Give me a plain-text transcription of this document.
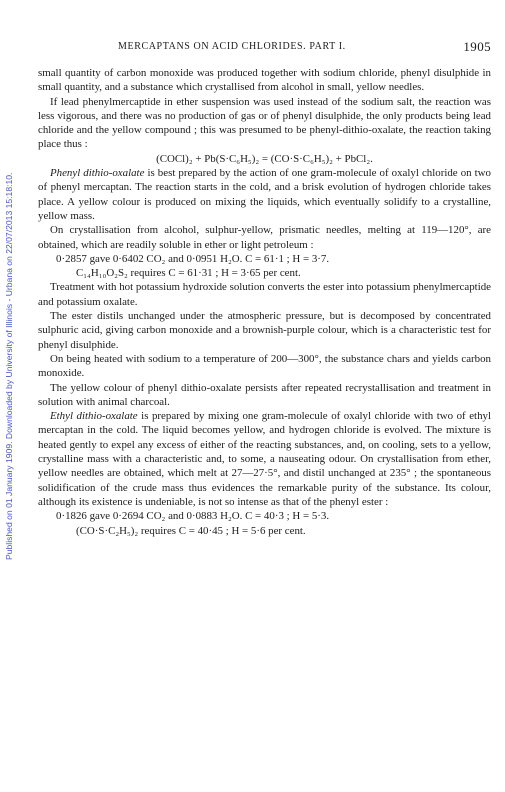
Published on 01 January 1909. Downloaded by University of Illinois - Urbana on 22/07/2013 15:18:10.
MERCAPTANS ON ACID CHLORIDES. PART I.	1905

small quantity of carbon monoxide was produced together with sodium chloride, phenyl disulphide in small quantity, and a substance which crystallised from alcohol in small, yellow needles.

If lead phenylmercaptide in ether suspension was used instead of the sodium salt, the reaction was less vigorous, and there was no production of gas or of phenyl disulphide, the only products being lead chloride and the yellow compound ; this was presumed to be phenyl-dithio-oxalate, the reaction taking place thus :

(COCl)₂ + Pb(S·C₆H₅)₂ = (CO·S·C₆H₅)₂ + PbCl₂.

Phenyl dithio-oxalate is best prepared by the action of one gram-molecule of oxalyl chloride on two of phenyl mercaptan. The reaction starts in the cold, and a brisk evolution of hydrogen chloride takes place. A yellow colour is produced on mixing the liquids, which eventually solidify to a crystalline, yellow mass.

On crystallisation from alcohol, sulphur-yellow, prismatic needles, melting at 119—120°, are obtained, which are readily soluble in ether or light petroleum :

0·2857 gave 0·6402 CO₂ and 0·0951 H₂O. C = 61·1 ; H = 3·7.

C₁₄H₁₀O₂S₂ requires C = 61·31 ; H = 3·65 per cent.

Treatment with hot potassium hydroxide solution converts the ester into potassium phenylmercaptide and potassium oxalate.

The ester distils unchanged under the atmospheric pressure, but is decomposed by concentrated sulphuric acid, giving carbon monoxide and a brownish-purple colour, which is a characteristic test for phenyl disulphide.

On being heated with sodium to a temperature of 200—300°, the substance chars and yields carbon monoxide.

The yellow colour of phenyl dithio-oxalate persists after repeated recrystallisation and treatment in solution with animal charcoal.

Ethyl dithio-oxalate is prepared by mixing one gram-molecule of oxalyl chloride with two of ethyl mercaptan in the cold. The liquid becomes yellow, and hydrogen chloride is evolved. The mixture is heated gently to expel any excess of either of the reacting substances, and, on cooling, sets to a yellow, crystalline mass with a characteristic and, to some, a nauseating odour. On crystallisation from ether, yellow needles are obtained, which melt at 27—27·5°, and distil unchanged at 235° ; the spontaneous solidification of the crude mass thus evidences the remarkable purity of the substance. Its colour, although its existence is undeniable, is not so intense as that of the phenyl ester :

0·1826 gave 0·2694 CO₂ and 0·0883 H₂O. C = 40·3 ; H = 5·3.

(CO·S·C₂H₅)₂ requires C = 40·45 ; H = 5·6 per cent.
